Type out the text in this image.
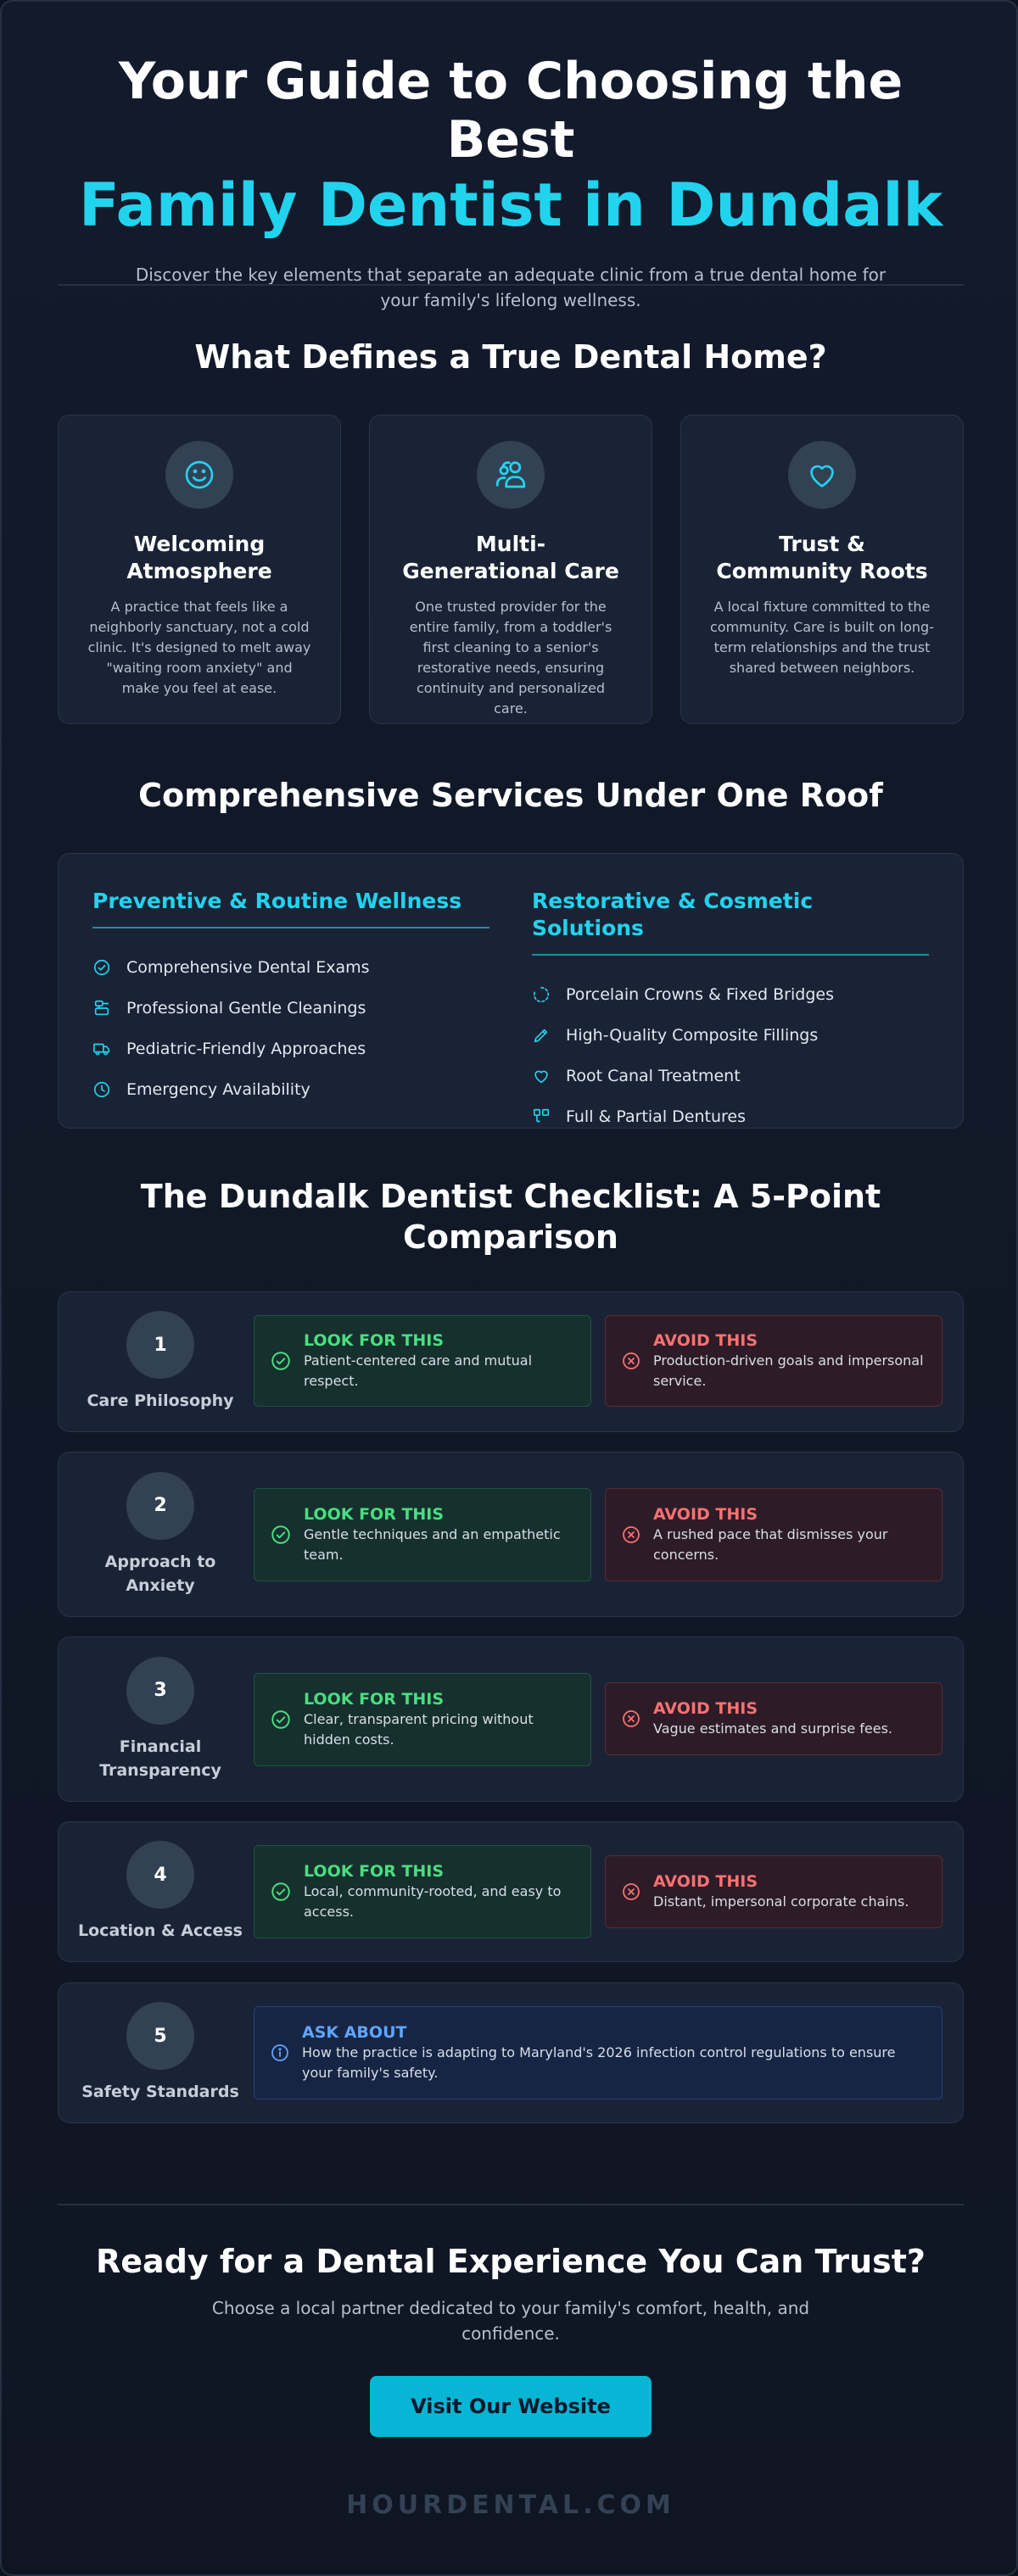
Your Guide to Choosing the Best
Family Dentist in Dundalk

Discover the key elements that separate an adequate clinic from a true dental home for your family's lifelong wellness.

What Defines a True Dental Home?
Welcoming Atmosphere

A practice that feels like a neighborly sanctuary, not a cold clinic. It's designed to melt away "waiting room anxiety" and make you feel at ease.

Multi-Generational Care

One trusted provider for the entire family, from a toddler's first cleaning to a senior's restorative needs, ensuring continuity and personalized care.

Trust & Community Roots

A local fixture committed to the community. Care is built on long-term relationships and the trust shared between neighbors.

Comprehensive Services Under One Roof
Preventive & Routine Wellness
Comprehensive Dental Exams
Professional Gentle Cleanings
Pediatric-Friendly Approaches
Emergency Availability
Restorative & Cosmetic Solutions
Porcelain Crowns & Fixed Bridges
High-Quality Composite Fillings
Root Canal Treatment
Full & Partial Dentures
The Dundalk Dentist Checklist: A 5-Point Comparison
1
Care Philosophy
LOOK FOR THIS
Patient-centered care and mutual respect.
AVOID THIS
Production-driven goals and impersonal service.
2
Approach to Anxiety
LOOK FOR THIS
Gentle techniques and an empathetic team.
AVOID THIS
A rushed pace that dismisses your concerns.
3
Financial Transparency
LOOK FOR THIS
Clear, transparent pricing without hidden costs.
AVOID THIS
Vague estimates and surprise fees.
4
Location & Access
LOOK FOR THIS
Local, community-rooted, and easy to access.
AVOID THIS
Distant, impersonal corporate chains.
5
Safety Standards
ASK ABOUT
How the practice is adapting to Maryland's 2026 infection control regulations to ensure your family's safety.
Ready for a Dental Experience You Can Trust?
Choose a local partner dedicated to your family's comfort, health, and confidence.
Visit Our Website
HOURDENTAL.COM
